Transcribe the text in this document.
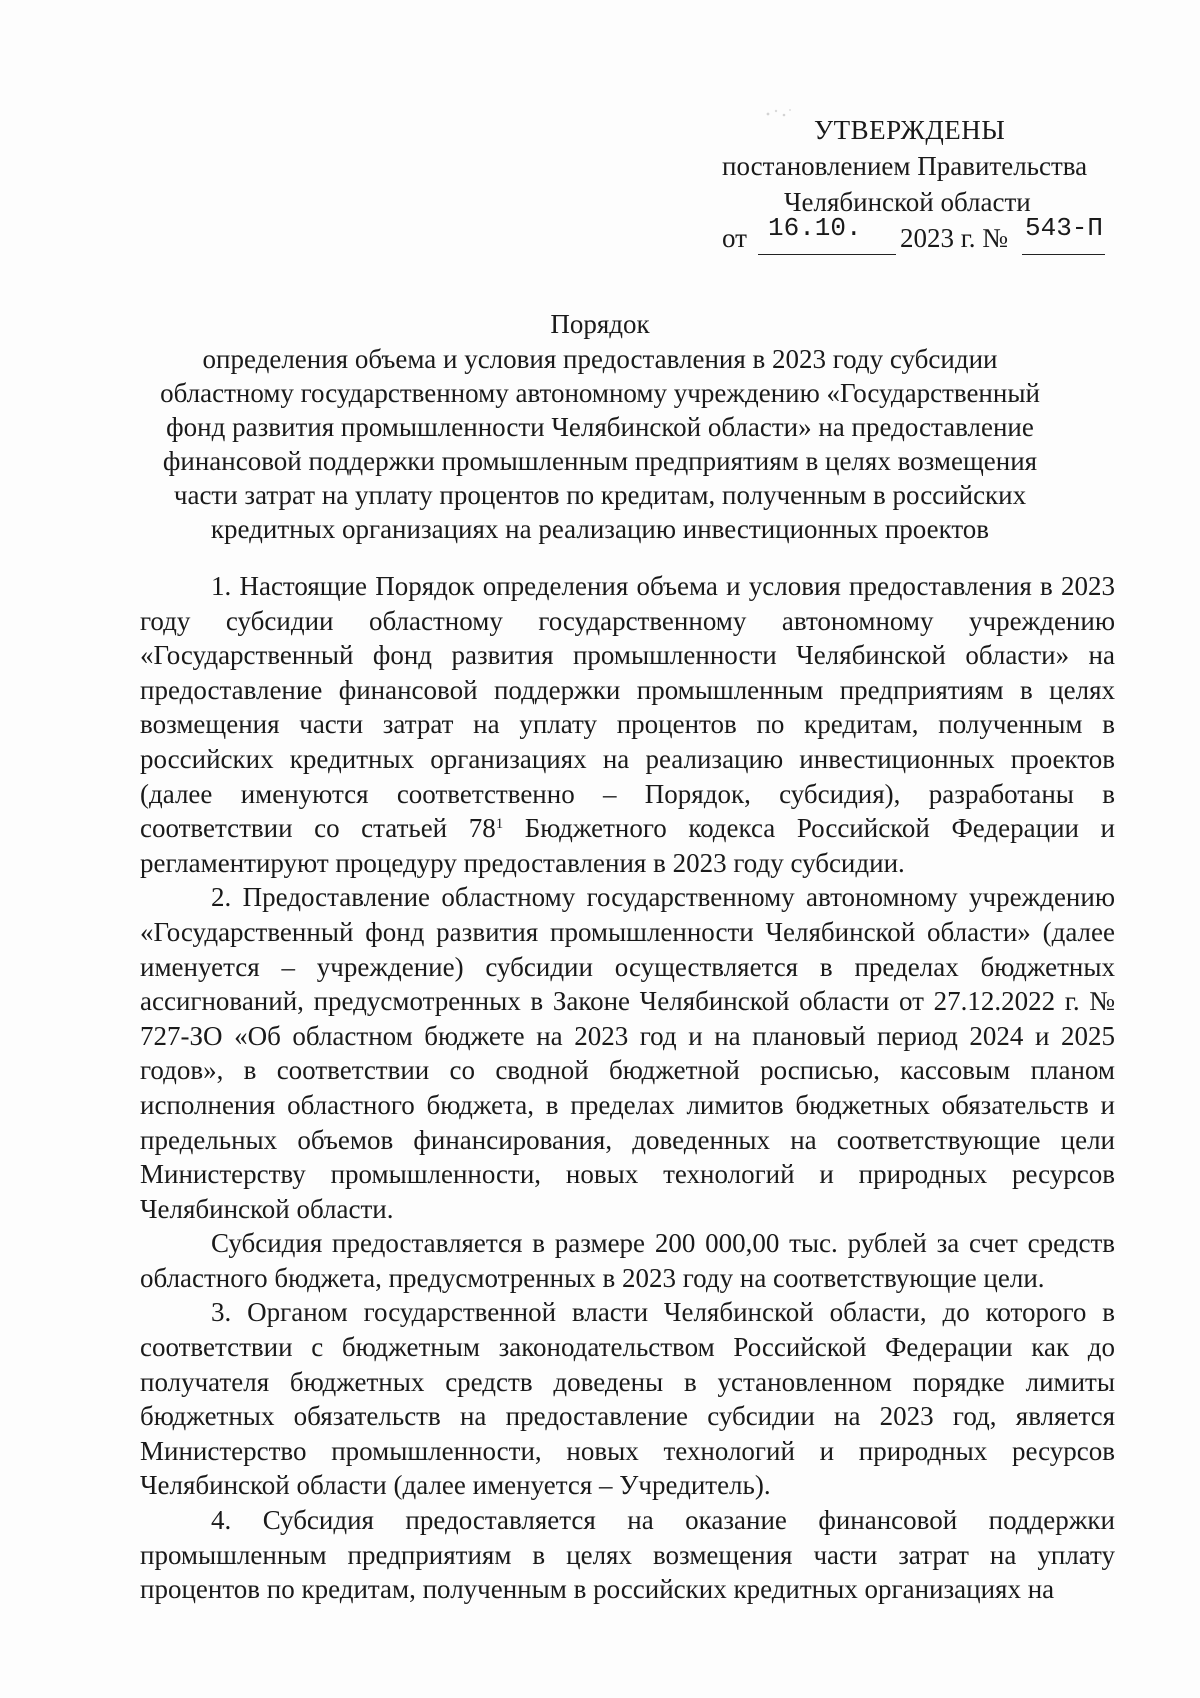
УТВЕРЖДЕНЫ
постановлением Правительства
Челябинской области
от 16.10. 2023 г. № 543-П
Порядок
определения объема и условия предоставления в 2023 году субсидии областному государственному автономному учреждению «Государственный фонд развития промышленности Челябинской области» на предоставление финансовой поддержки промышленным предприятиям в целях возмещения части затрат на уплату процентов по кредитам, полученным в российских кредитных организациях на реализацию инвестиционных проектов

1. Настоящие Порядок определения объема и условия предоставления в 2023 году субсидии областному государственному автономному учреждению «Государственный фонд развития промышленности Челябинской области» на предоставление финансовой поддержки промышленным предприятиям в целях возмещения части затрат на уплату процентов по кредитам, полученным в российских кредитных организациях на реализацию инвестиционных проектов (далее именуются соответственно – Порядок, субсидия), разработаны в соответствии со статьей $78^1$ Бюджетного кодекса Российской Федерации и регламентируют процедуру предоставления в 2023 году субсидии.

2. Предоставление областному государственному автономному учреждению «Государственный фонд развития промышленности Челябинской области» (далее именуется – учреждение) субсидии осуществляется в пределах бюджетных ассигнований, предусмотренных в Законе Челябинской области от 27.12.2022 г. № 727-ЗО «Об областном бюджете на 2023 год и на плановый период 2024 и 2025 годов», в соответствии со сводной бюджетной росписью, кассовым планом исполнения областного бюджета, в пределах лимитов бюджетных обязательств и предельных объемов финансирования, доведенных на соответствующие цели Министерству промышленности, новых технологий и природных ресурсов Челябинской области.

Субсидия предоставляется в размере 200 000,00 тыс. рублей за счет средств областного бюджета, предусмотренных в 2023 году на соответствующие цели.

3. Органом государственной власти Челябинской области, до которого в соответствии с бюджетным законодательством Российской Федерации как до получателя бюджетных средств доведены в установленном порядке лимиты бюджетных обязательств на предоставление субсидии на 2023 год, является Министерство промышленности, новых технологий и природных ресурсов Челябинской области (далее именуется – Учредитель).

4. Субсидия предоставляется на оказание финансовой поддержки промышленным предприятиям в целях возмещения части затрат на уплату процентов по кредитам, полученным в российских кредитных организациях на
